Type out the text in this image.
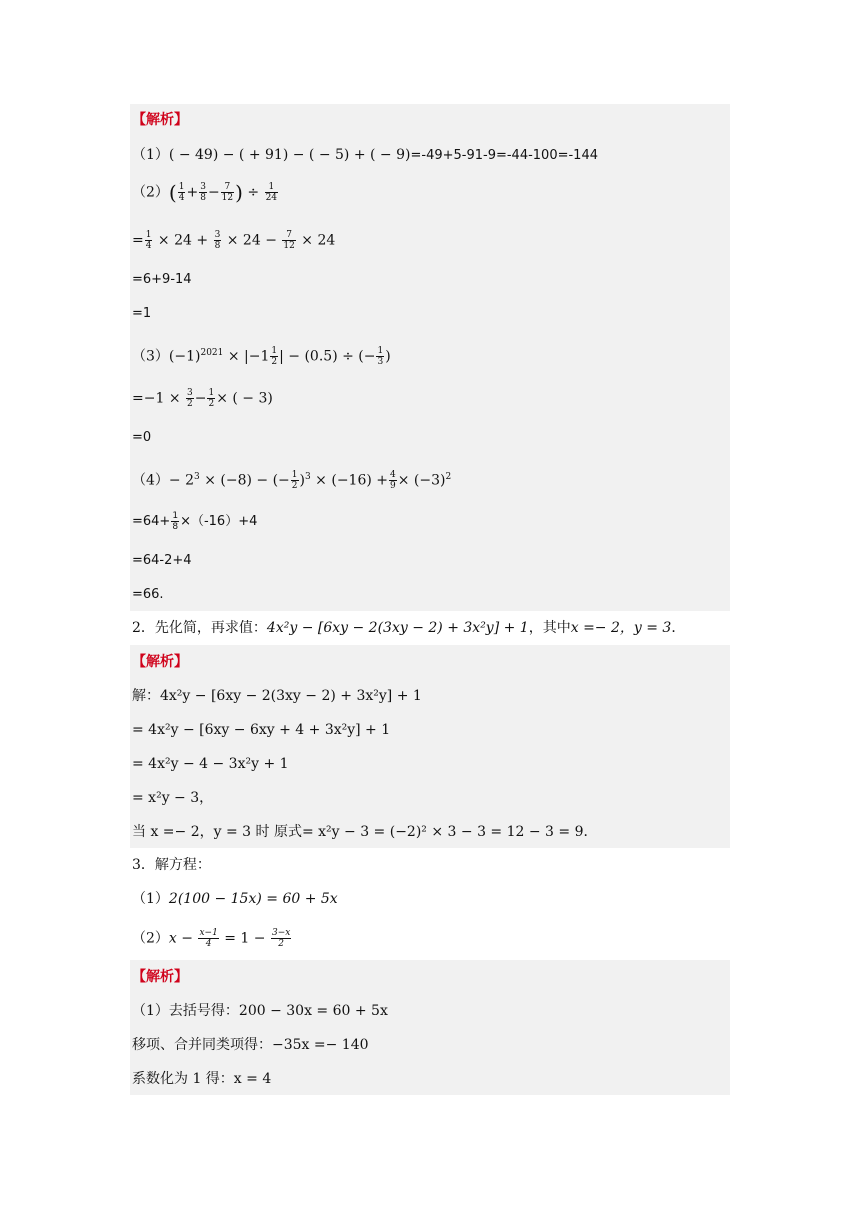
【解析】
（1）( − 49) − ( + 91) − ( − 5) + ( − 9)=-49+5-91-9=-44-100=-144
$(2)( \frac{1}{4} + \frac{3}{8} - \frac{7}{12}$ ) ÷ $\frac{1}{24}$
= $\frac{1}{4} \times 24 + \frac{3}{8} \times 24 - \frac{7}{12} \times 24$
=6+9-14
=1
$(3)(-1)^{2021} \times |-1 \frac{1}{2}$ | − (0.5) ÷ (− $\frac{1}{3}$ )
$=-1 \times \frac{3}{2} - \frac{1}{2}$ × ( − 3)
=0
$(4)- 2^3 \times (-8)$ − (− $\frac{1}{2} )^3 \times (-16) + \frac{4}{9} \times (-3)^2$
$=64+ \frac{1}{8} \times(-16)+4$
=64-2+4
=66.
2．先化简，再求值：4x²y − [6xy − 2(3xy − 2) + 3x²y] + 1，其中x =− 2，y = 3．
【解析】
解：4x²y − [6xy − 2(3xy − 2) + 3x²y] + 1
= 4x²y − [6xy − 6xy + 4 + 3x²y] + 1
= 4x²y − 4 − 3x²y + 1
= x²y − 3，
当 x =− 2，y = 3 时 原式= x²y − 3 = (−2)² × 3 − 3 = 12 − 3 = 9．
3．解方程：
（1）2(100 − 15x) = 60 + 5x
$(2)x - \frac{x-1}{4} = 1 - \frac{3-x}{2}$
【解析】
（1）去括号得：200 − 30x = 60 + 5x
移项、合并同类项得：−35x =− 140
系数化为 1 得：x = 4
